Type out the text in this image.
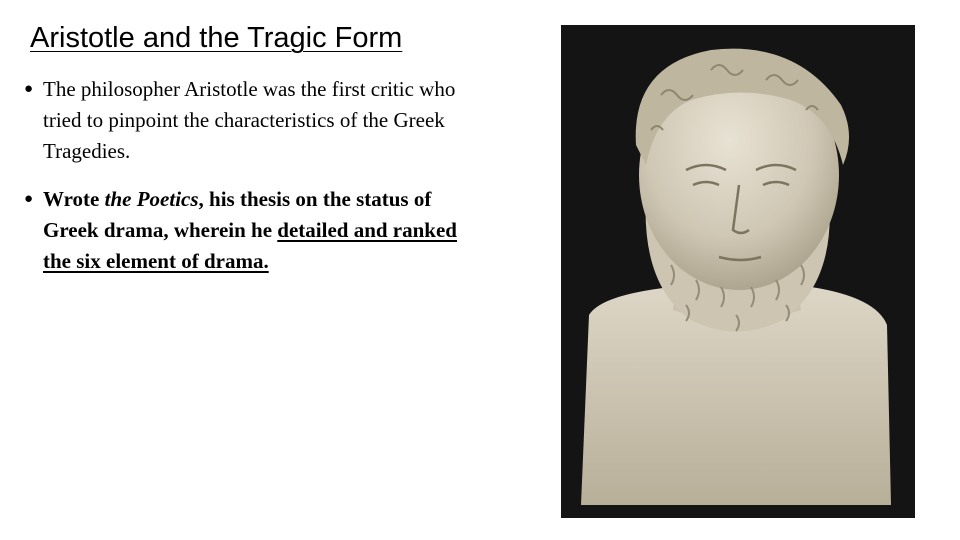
Aristotle and the Tragic Form
● The philosopher Aristotle was the first critic who tried to pinpoint the characteristics of the Greek Tragedies.
● Wrote the Poetics, his thesis on the status of Greek drama, wherein he detailed and ranked the six element of drama.
